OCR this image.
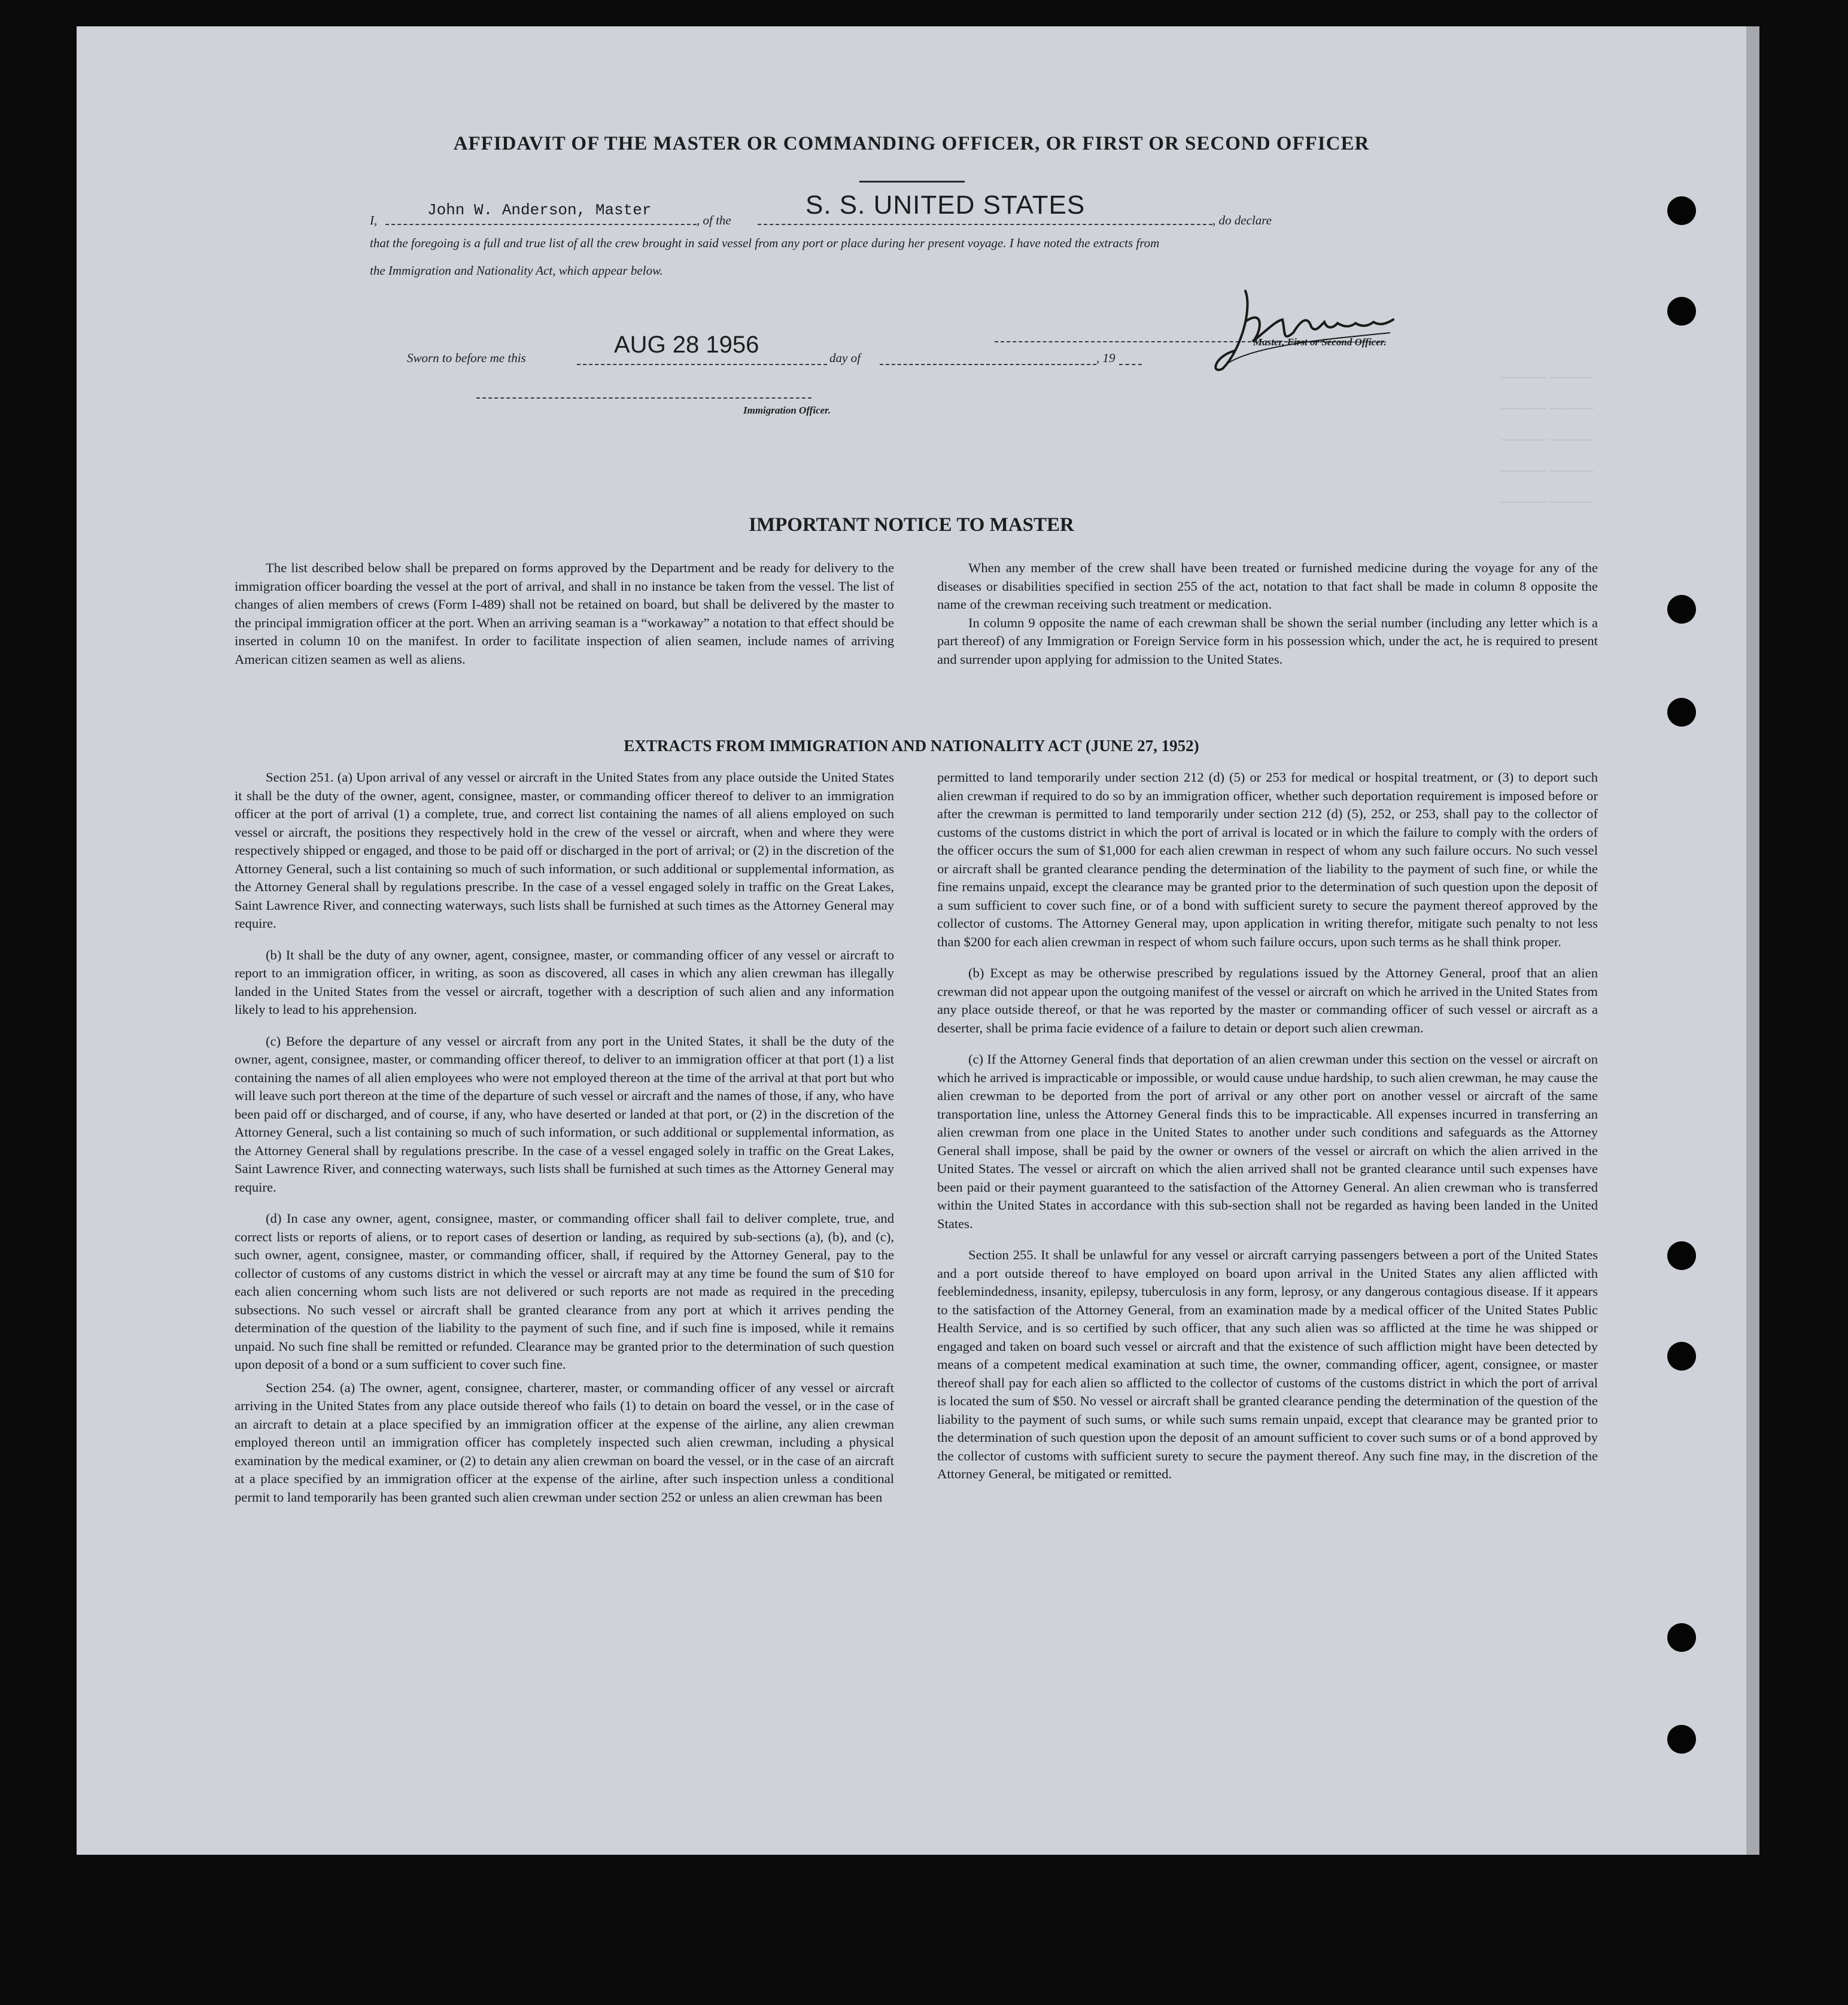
──── ────
──── ────
──── ────
──── ────
──── ────
AFFIDAVIT OF THE MASTER OR COMMANDING OFFICER, OR FIRST OR SECOND OFFICER
I,
John W. Anderson, Master
, of the
S. S. UNITED STATES
, do declare
that the foregoing is a full and true list of all the crew brought in said vessel from any port or place during her present voyage. I have noted the extracts from
the Immigration and Nationality Act, which appear below.
Master, First or Second Officer.
Sworn to before me this	AUG 28 1956	day of	, 19
Immigration Officer.
IMPORTANT NOTICE TO MASTER

The list described below shall be prepared on forms approved by the Department and be ready for delivery to the immigration officer boarding the vessel at the port of arrival, and shall in no instance be taken from the vessel. The list of changes of alien members of crews (Form I-489) shall not be retained on board, but shall be delivered by the master to the principal immigration officer at the port. When an arriving seaman is a “workaway” a notation to that effect should be inserted in column 10 on the manifest. In order to facilitate inspection of alien seamen, include names of arriving American citizen seamen as well as aliens.

When any member of the crew shall have been treated or furnished medicine during the voyage for any of the diseases or disabilities specified in section 255 of the act, notation to that fact shall be made in column 8 opposite the name of the crewman receiving such treatment or medication.

In column 9 opposite the name of each crewman shall be shown the serial number (including any letter which is a part thereof) of any Immigration or Foreign Service form in his possession which, under the act, he is required to present and surrender upon applying for admission to the United States.

EXTRACTS FROM IMMIGRATION AND NATIONALITY ACT (JUNE 27, 1952)

Section 251. (a) Upon arrival of any vessel or aircraft in the United States from any place outside the United States it shall be the duty of the owner, agent, consignee, master, or commanding officer thereof to deliver to an immigration officer at the port of arrival (1) a complete, true, and correct list containing the names of all aliens employed on such vessel or aircraft, the positions they respectively hold in the crew of the vessel or aircraft, when and where they were respectively shipped or engaged, and those to be paid off or discharged in the port of arrival; or (2) in the discretion of the Attorney General, such a list containing so much of such information, or such additional or supplemental information, as the Attorney General shall by regulations prescribe. In the case of a vessel engaged solely in traffic on the Great Lakes, Saint Lawrence River, and connecting waterways, such lists shall be furnished at such times as the Attorney General may require.

(b) It shall be the duty of any owner, agent, consignee, master, or commanding officer of any vessel or aircraft to report to an immigration officer, in writing, as soon as discovered, all cases in which any alien crewman has illegally landed in the United States from the vessel or aircraft, together with a description of such alien and any information likely to lead to his apprehension.

(c) Before the departure of any vessel or aircraft from any port in the United States, it shall be the duty of the owner, agent, consignee, master, or commanding officer thereof, to deliver to an immigration officer at that port (1) a list containing the names of all alien employees who were not employed thereon at the time of the arrival at that port but who will leave such port thereon at the time of the departure of such vessel or aircraft and the names of those, if any, who have been paid off or discharged, and of course, if any, who have deserted or landed at that port, or (2) in the discretion of the Attorney General, such a list containing so much of such information, or such additional or supplemental information, as the Attorney General shall by regulations prescribe. In the case of a vessel engaged solely in traffic on the Great Lakes, Saint Lawrence River, and connecting waterways, such lists shall be furnished at such times as the Attorney General may require.

(d) In case any owner, agent, consignee, master, or commanding officer shall fail to deliver complete, true, and correct lists or reports of aliens, or to report cases of desertion or landing, as required by sub-sections (a), (b), and (c), such owner, agent, consignee, master, or commanding officer, shall, if required by the Attorney General, pay to the collector of customs of any customs district in which the vessel or aircraft may at any time be found the sum of $10 for each alien concerning whom such lists are not delivered or such reports are not made as required in the preceding subsections. No such vessel or aircraft shall be granted clearance from any port at which it arrives pending the determination of the question of the liability to the payment of such fine, and if such fine is imposed, while it remains unpaid. No such fine shall be remitted or refunded. Clearance may be granted prior to the determination of such question upon deposit of a bond or a sum sufficient to cover such fine.

Section 254. (a) The owner, agent, consignee, charterer, master, or commanding officer of any vessel or aircraft arriving in the United States from any place outside thereof who fails (1) to detain on board the vessel, or in the case of an aircraft to detain at a place specified by an immigration officer at the expense of the airline, any alien crewman employed thereon until an immigration officer has completely inspected such alien crewman, including a physical examination by the medical examiner, or (2) to detain any alien crewman on board the vessel, or in the case of an aircraft at a place specified by an immigration officer at the expense of the airline, after such inspection unless a conditional permit to land temporarily has been granted such alien crewman under section 252 or unless an alien crewman has been

permitted to land temporarily under section 212 (d) (5) or 253 for medical or hospital treatment, or (3) to deport such alien crewman if required to do so by an immigration officer, whether such deportation requirement is imposed before or after the crewman is permitted to land temporarily under section 212 (d) (5), 252, or 253, shall pay to the collector of customs of the customs district in which the port of arrival is located or in which the failure to comply with the orders of the officer occurs the sum of $1,000 for each alien crewman in respect of whom any such failure occurs. No such vessel or aircraft shall be granted clearance pending the determination of the liability to the payment of such fine, or while the fine remains unpaid, except the clearance may be granted prior to the determination of such question upon the deposit of a sum sufficient to cover such fine, or of a bond with sufficient surety to secure the payment thereof approved by the collector of customs. The Attorney General may, upon application in writing therefor, mitigate such penalty to not less than $200 for each alien crewman in respect of whom such failure occurs, upon such terms as he shall think proper.

(b) Except as may be otherwise prescribed by regulations issued by the Attorney General, proof that an alien crewman did not appear upon the outgoing manifest of the vessel or aircraft on which he arrived in the United States from any place outside thereof, or that he was reported by the master or commanding officer of such vessel or aircraft as a deserter, shall be prima facie evidence of a failure to detain or deport such alien crewman.

(c) If the Attorney General finds that deportation of an alien crewman under this section on the vessel or aircraft on which he arrived is impracticable or impossible, or would cause undue hardship, to such alien crewman, he may cause the alien crewman to be deported from the port of arrival or any other port on another vessel or aircraft of the same transportation line, unless the Attorney General finds this to be impracticable. All expenses incurred in transferring an alien crewman from one place in the United States to another under such conditions and safeguards as the Attorney General shall impose, shall be paid by the owner or owners of the vessel or aircraft on which the alien arrived in the United States. The vessel or aircraft on which the alien arrived shall not be granted clearance until such expenses have been paid or their payment guaranteed to the satisfaction of the Attorney General. An alien crewman who is transferred within the United States in accordance with this sub-section shall not be regarded as having been landed in the United States.

Section 255. It shall be unlawful for any vessel or aircraft carrying passengers between a port of the United States and a port outside thereof to have employed on board upon arrival in the United States any alien afflicted with feeblemindedness, insanity, epilepsy, tuberculosis in any form, leprosy, or any dangerous contagious disease. If it appears to the satisfaction of the Attorney General, from an examination made by a medical officer of the United States Public Health Service, and is so certified by such officer, that any such alien was so afflicted at the time he was shipped or engaged and taken on board such vessel or aircraft and that the existence of such affliction might have been detected by means of a competent medical examination at such time, the owner, commanding officer, agent, consignee, or master thereof shall pay for each alien so afflicted to the collector of customs of the customs district in which the port of arrival is located the sum of $50. No vessel or aircraft shall be granted clearance pending the determination of the question of the liability to the payment of such sums, or while such sums remain unpaid, except that clearance may be granted prior to the determination of such question upon the deposit of an amount sufficient to cover such sums or of a bond approved by the collector of customs with sufficient surety to secure the payment thereof. Any such fine may, in the discretion of the Attorney General, be mitigated or remitted.
